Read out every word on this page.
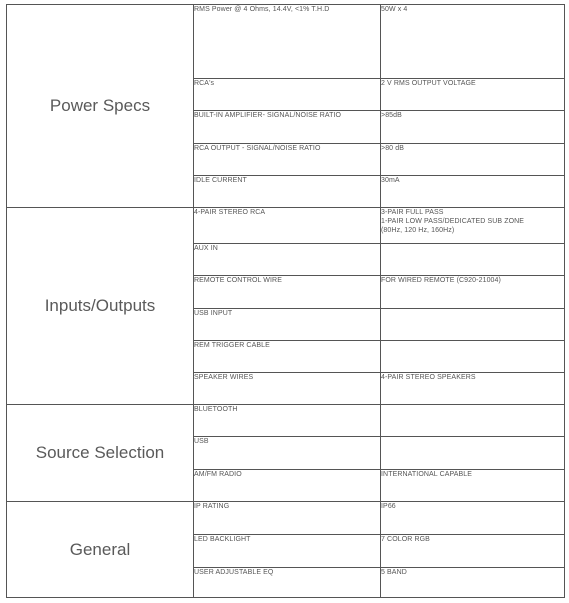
Power Specs	RMS Power @ 4 Ohms, 14.4V, <1% T.H.D	50W x 4

	RCA's	2 V RMS OUTPUT VOLTAGE

	BUILT-IN AMPLIFIER- SIGNAL/NOISE RATIO	>85dB

	RCA OUTPUT - SIGNAL/NOISE RATIO	>80 dB

	IDLE CURRENT	30mA

Inputs/Outputs	4-PAIR STEREO RCA	3-PAIR FULL PASS
1-PAIR LOW PASS/DEDICATED SUB ZONE
(80Hz, 120 Hz, 160Hz)

	AUX IN	

	REMOTE CONTROL WIRE	FOR WIRED REMOTE (C920-21004)

	USB INPUT	

	REM TRIGGER CABLE	

	SPEAKER WIRES	4-PAIR STEREO SPEAKERS

Source Selection	BLUETOOTH	

	USB	

	AM/FM RADIO	INTERNATIONAL CAPABLE

General	IP RATING	IP66

	LED BACKLIGHT	7 COLOR RGB

	USER ADJUSTABLE EQ	5 BAND
